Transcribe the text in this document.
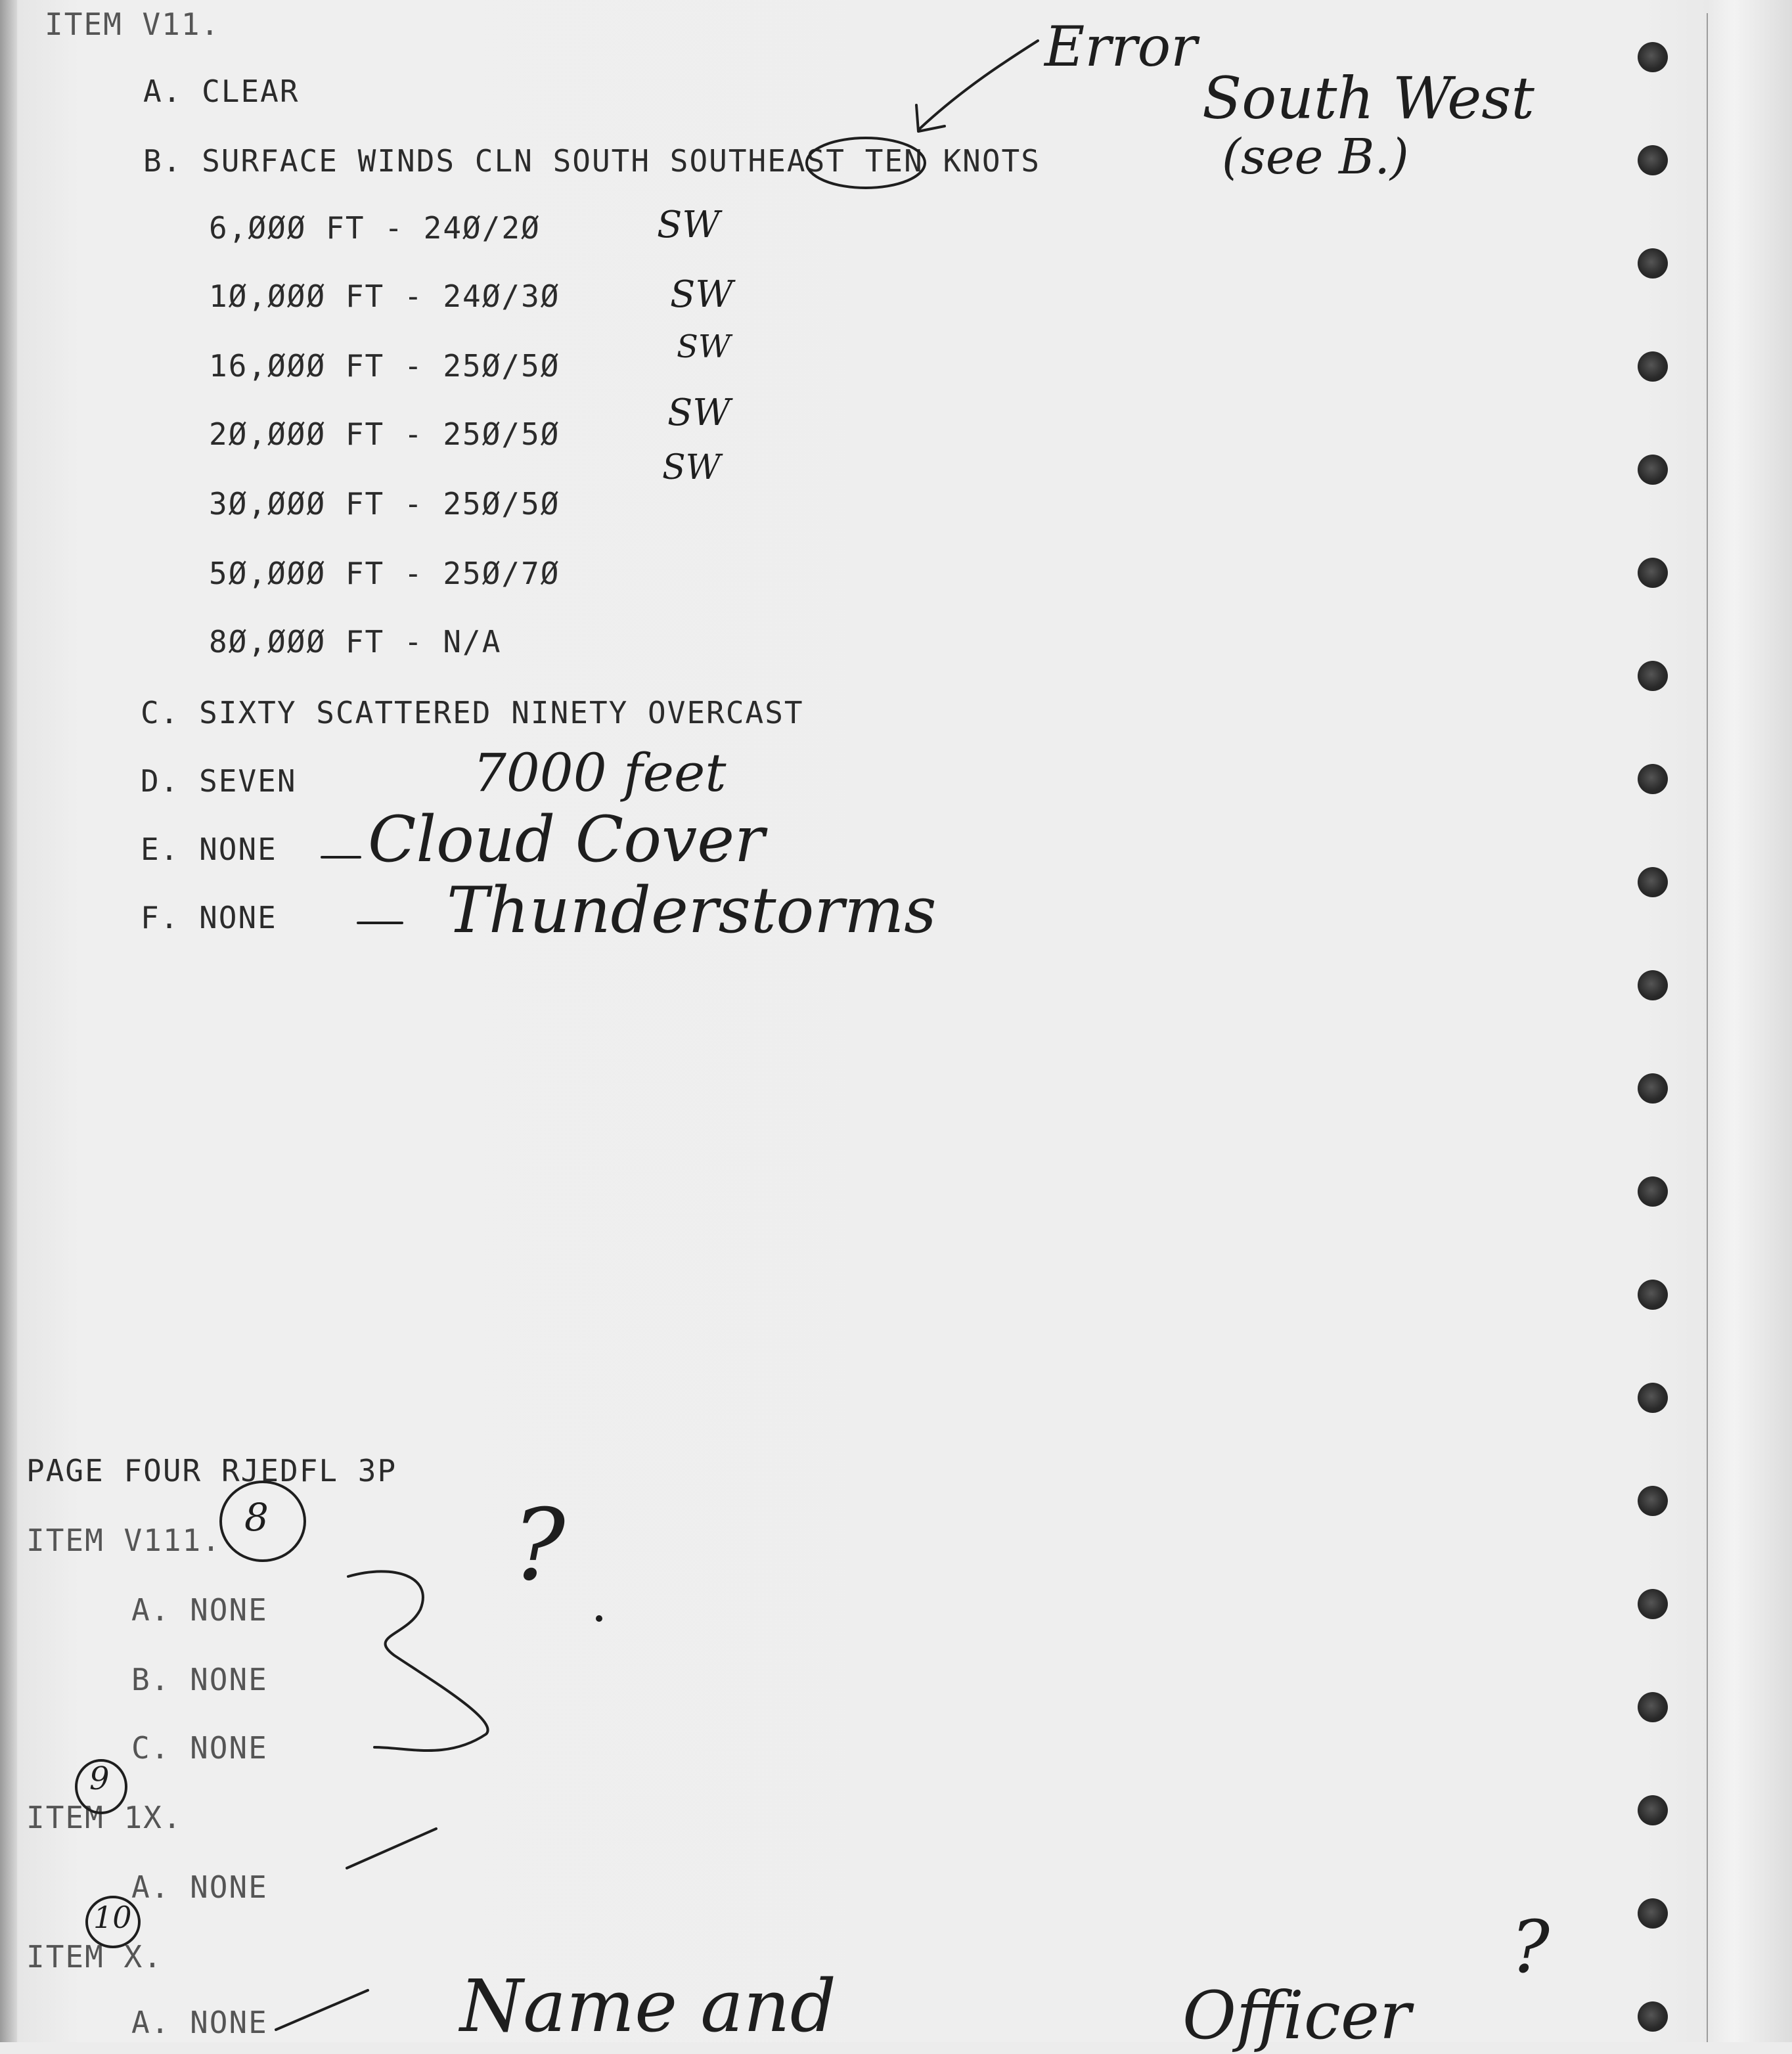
ITEM V11.
A. CLEAR
B. SURFACE WINDS CLN SOUTH SOUTHEAST TEN KNOTS
6,ØØØ FT - 24Ø/2Ø
1Ø,ØØØ FT - 24Ø/3Ø
16,ØØØ FT - 25Ø/5Ø
2Ø,ØØØ FT - 25Ø/5Ø
3Ø,ØØØ FT - 25Ø/5Ø
5Ø,ØØØ FT - 25Ø/7Ø
8Ø,ØØØ FT - N/A
C. SIXTY SCATTERED NINETY OVERCAST
D. SEVEN
E. NONE
F. NONE
PAGE FOUR RJEDFL 3P
ITEM V111.
A. NONE
B. NONE
C. NONE
ITEM 1X.
A. NONE
ITEM X.
A. NONE
Error
South West
(see B.)
SW
SW
SW
SW
SW
7000 feet
Cloud Cover
Thunderstorms
8
9
10
?
Name and	Officer
?
